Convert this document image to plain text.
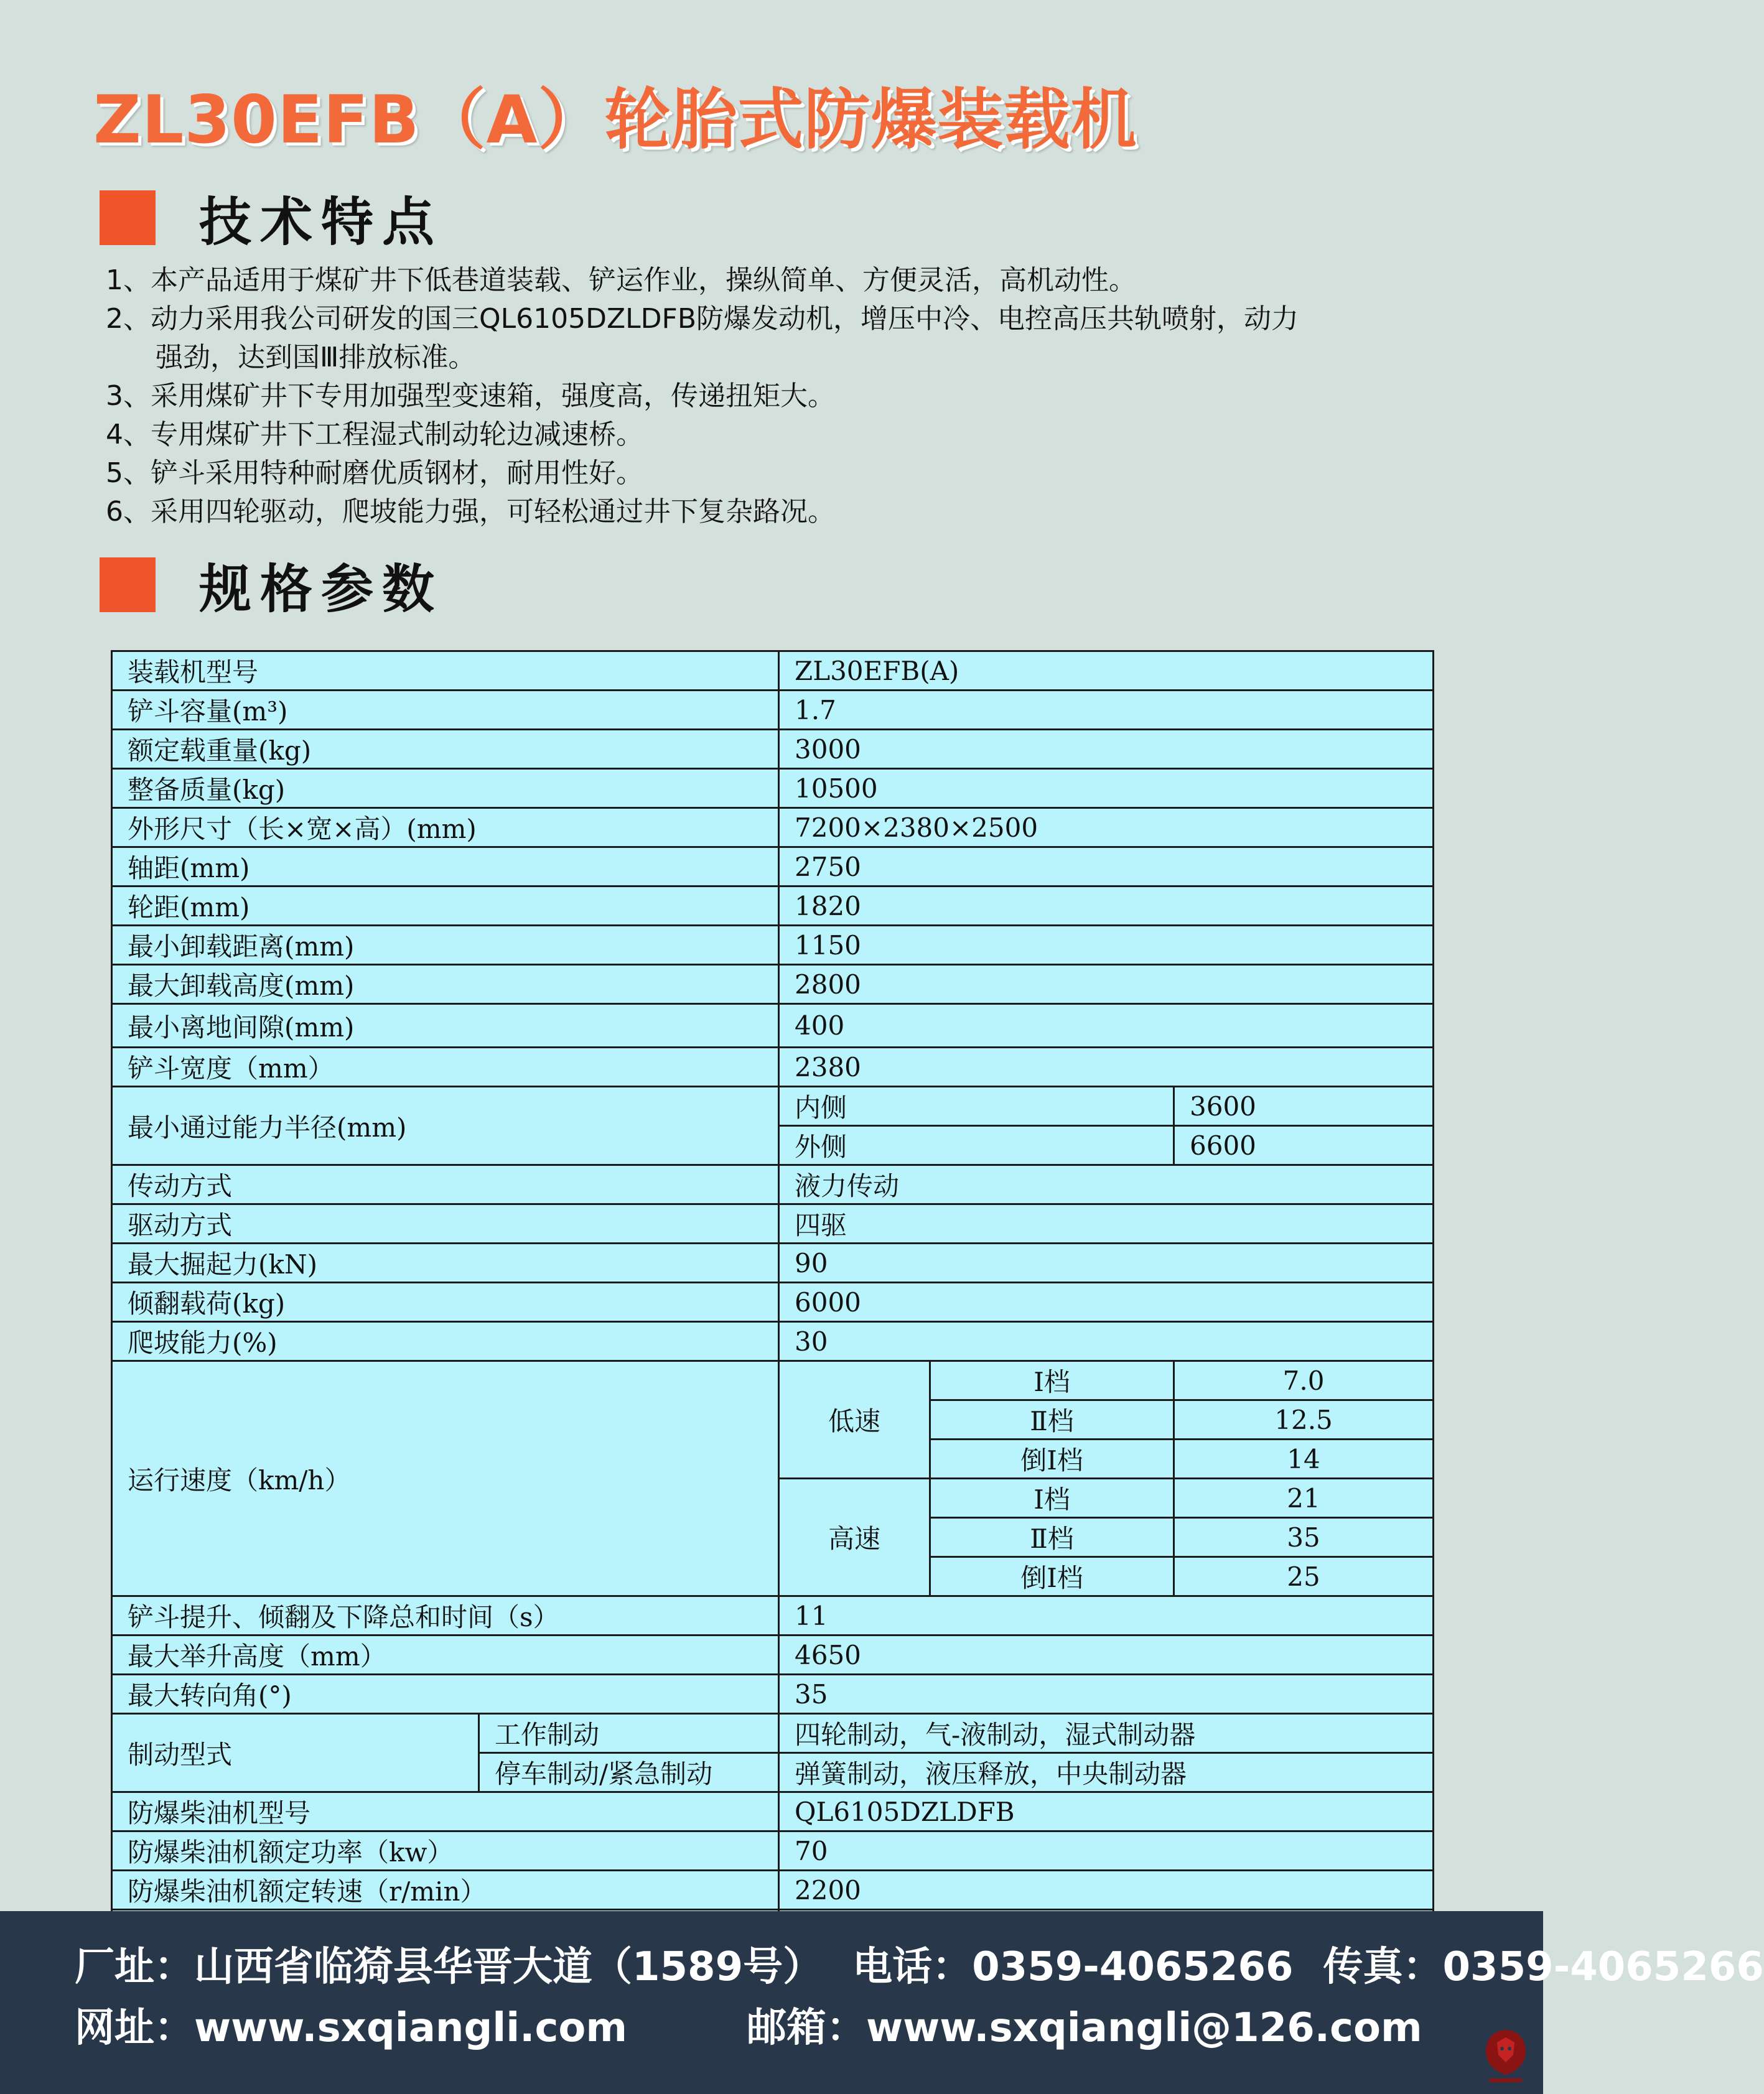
ZL30EFB（A）轮胎式防爆装载机
技术特点
1、本产品适用于煤矿井下低巷道装载、铲运作业，操纵简单、方便灵活，高机动性。
2、动力采用我公司研发的国三QL6105DZLDFB防爆发动机，增压中冷、电控高压共轨喷射，动力
强劲，达到国Ⅲ排放标准。
3、采用煤矿井下专用加强型变速箱，强度高，传递扭矩大。
4、专用煤矿井下工程湿式制动轮边减速桥。
5、铲斗采用特种耐磨优质钢材，耐用性好。
6、采用四轮驱动，爬坡能力强，可轻松通过井下复杂路况。
规格参数
装载机型号		ZL30EFB(A)		
铲斗容量(m³)		1.7		
额定载重量(kg)		3000		
整备质量(kg)		10500		
外形尺寸（长×宽×高）(mm)		7200×2380×2500		
轴距(mm)		2750		
轮距(mm)		1820		
最小卸载距离(mm)		1150		
最大卸载高度(mm)		2800		
最小离地间隙(mm)		400		
铲斗宽度（mm）		2380		
最小通过能力半径(mm)		内侧		3600
		外侧		6600
传动方式		液力传动		
驱动方式		四驱		
最大掘起力(kN)		90		
倾翻载荷(kg)		6000		
爬坡能力(%)		30		
运行速度（km/h）		低速	Ⅰ档	7.0
			Ⅱ档	12.5
			倒Ⅰ档	14
		高速	Ⅰ档	21
			Ⅱ档	35
			倒Ⅰ档	25
铲斗提升、倾翻及下降总和时间（s）		11		
最大举升高度（mm）		4650		
最大转向角(°)		35		
制动型式	工作制动	四轮制动，气-液制动，湿式制动器		
	停车制动/紧急制动	弹簧制动，液压释放，中央制动器		
防爆柴油机型号		QL6105DZLDFB		
防爆柴油机额定功率（kw）		70		
防爆柴油机额定转速（r/min）		2200		

厂址：山西省临猗县华晋大道（1589号） 电话：0359-4065266 传真：0359-4065266
网址：www.sxqiangli.com	邮箱：www.sxqiangli@126.com
